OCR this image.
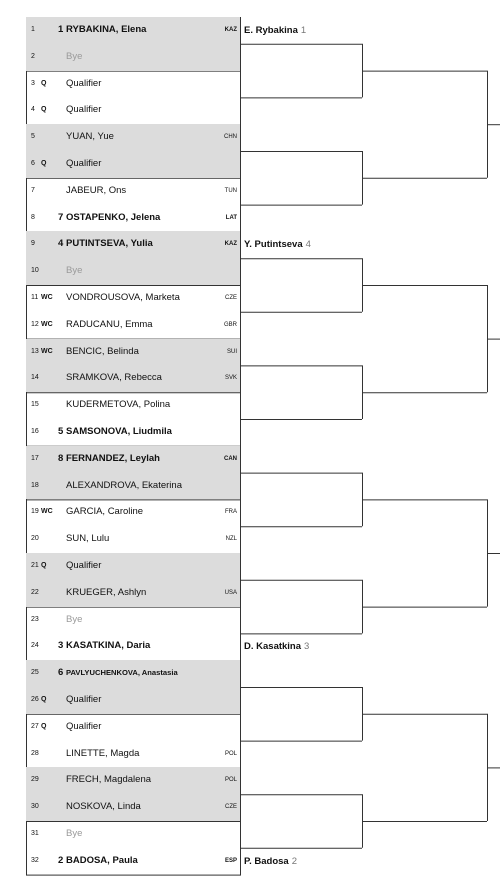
1 1 RYBAKINA, Elena	KAZ
2	Bye
3 Q Qualifier
4 Q Qualifier
5	YUAN, Yue	CHN
6 Q Qualifier
7	JABEUR, Ons	TUN
8 7 OSTAPENKO, Jelena	LAT
9 4 PUTINTSEVA, Yulia	KAZ
10	Bye
11 WC VONDROUSOVA, Marketa	CZE
12 WC RADUCANU, Emma	GBR
13 WC BENCIC, Belinda	SUI
14	SRAMKOVA, Rebecca	SVK
15	KUDERMETOVA, Polina
16 5 SAMSONOVA, Liudmila
17 8 FERNANDEZ, Leylah	CAN
18	ALEXANDROVA, Ekaterina
19 WC GARCIA, Caroline	FRA
20	SUN, Lulu	NZL
21 Q Qualifier
22	KRUEGER, Ashlyn	USA
23	Bye
24 3 KASATKINA, Daria
25 6 PAVLYUCHENKOVA, Anastasia
26 Q Qualifier
27 Q Qualifier
28	LINETTE, Magda	POL
29	FRECH, Magdalena	POL
30	NOSKOVA, Linda	CZE
31	Bye
32 2 BADOSA, Paula	ESP
E. Rybakina 1
Y. Putintseva 4
D. Kasatkina 3
P. Badosa 2
